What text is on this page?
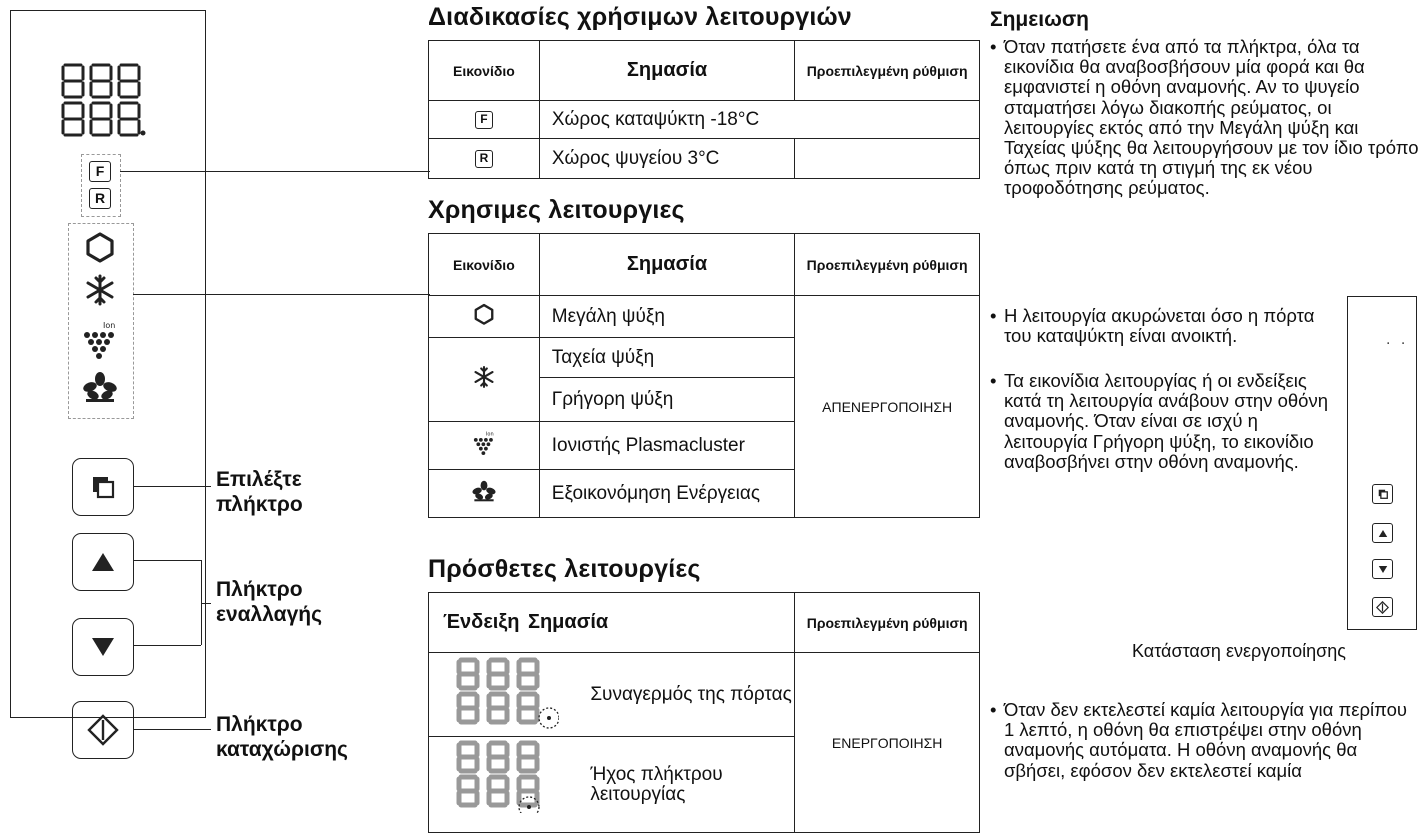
F
R
Ion
Επιλέξτε πλήκτρο
Πλήκτρο εναλλαγής
Πλήκτρο καταχώρισης
Διαδικασίες χρήσιμων λειτουργιών
Εικονίδιο	Σημασία	Προεπιλεγμένη ρύθμιση
F	Χώρος καταψύκτη -18°C	
R	Χώρος ψυγείου 3°C	
Χρησιμες λειτουργιες
Εικονίδιο	Σημασία	Προεπιλεγμένη ρύθμιση
	Μεγάλη ψύξη	ΑΠΕΝΕΡΓΟΠΟΙΗΣΗ
	Ταχεία ψύξη	
	Γρήγορη ψύξη	

Ion	Ιονιστής Plasmacluster	
	Εξοικονόμηση Ενέργειας	
Πρόσθετες λειτουργίες
Ένδειξη Σημασία		Προεπιλεγμένη ρύθμιση
	Συναγερμός της πόρτας	ΕΝΕΡΓΟΠΟΙΗΣΗ
	Ήχος πλήκτρου λειτουργίας	
Σημειωση
• Όταν πατήσετε ένα από τα πλήκτρα, όλα τα εικονίδια θα αναβοσβήσουν μία φορά και θα εμφανιστεί η οθόνη αναμονής. Αν το ψυγείο σταματήσει λόγω διακοπής ρεύματος, οι λειτουργίες εκτός από την Μεγάλη ψύξη και Ταχείας ψύξης θα λειτουργήσουν με τον ίδιο τρόπο όπως πριν κατά τη στιγμή της εκ νέου τροφοδότησης ρεύματος.
• Η λειτουργία ακυρώνεται όσο η πόρτα του καταψύκτη είναι ανοικτή.
• Τα εικονίδια λειτουργίας ή οι ενδείξεις κατά τη λειτουργία ανάβουν στην οθόνη αναμονής. Όταν είναι σε ισχύ η λειτουργία Γρήγορη ψύξη, το εικονίδιο αναβοσβήνει στην οθόνη αναμονής.
. .
Κατάσταση ενεργοποίησης
• Όταν δεν εκτελεστεί καμία λειτουργία για περίπου 1 λεπτό, η οθόνη θα επιστρέψει στην οθόνη αναμονής αυτόματα. Η οθόνη αναμονής θα σβήσει, εφόσον δεν εκτελεστεί καμία
